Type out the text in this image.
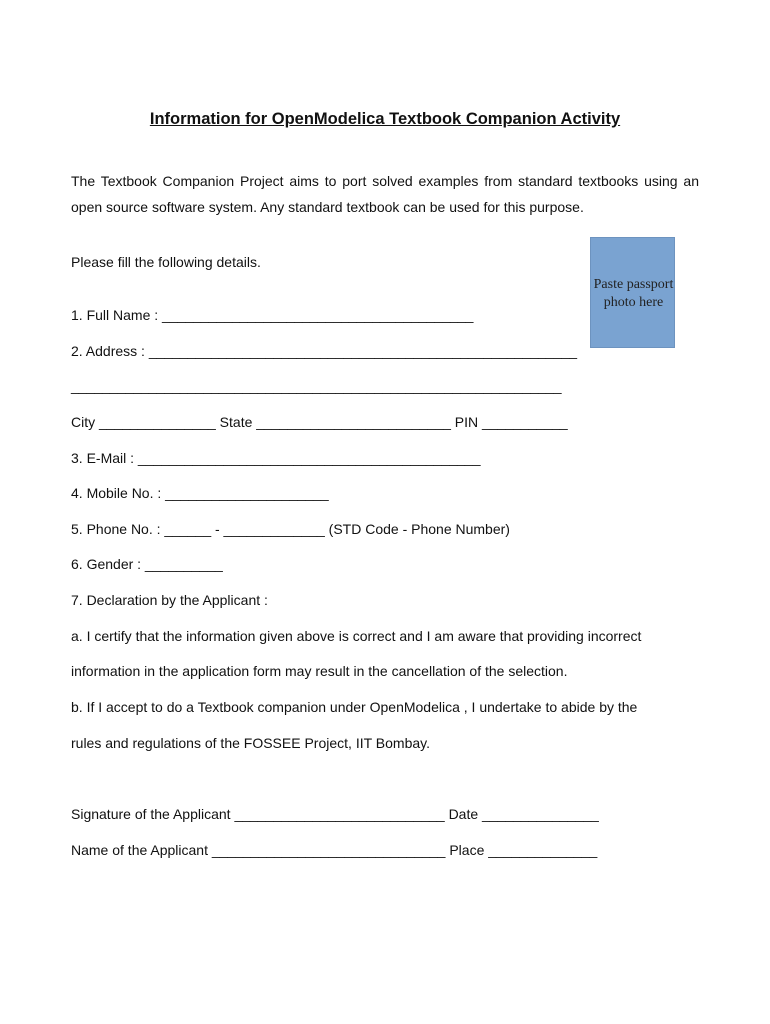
Information for OpenModelica Textbook Companion Activity
The Textbook Companion Project aims to port solved examples from standard textbooks using an open source software system. Any standard textbook can be used for this purpose.
Please fill the following details.
Paste passport photo here
1. Full Name : ________________________________________
2. Address : _______________________________________________________
_______________________________________________________________
City _______________ State _________________________ PIN ___________
3. E-Mail : ____________________________________________
4. Mobile No. : _____________________
5. Phone No. : ______ - _____________ (STD Code - Phone Number)
6. Gender : __________
7. Declaration by the Applicant :
a. I certify that the information given above is correct and I am aware that providing incorrect
information in the application form may result in the cancellation of the selection.
b. If I accept to do a Textbook companion under OpenModelica , I undertake to abide by the
rules and regulations of the FOSSEE Project, IIT Bombay.
Signature of the Applicant ___________________________ Date _______________
Name of the Applicant ______________________________ Place ______________
